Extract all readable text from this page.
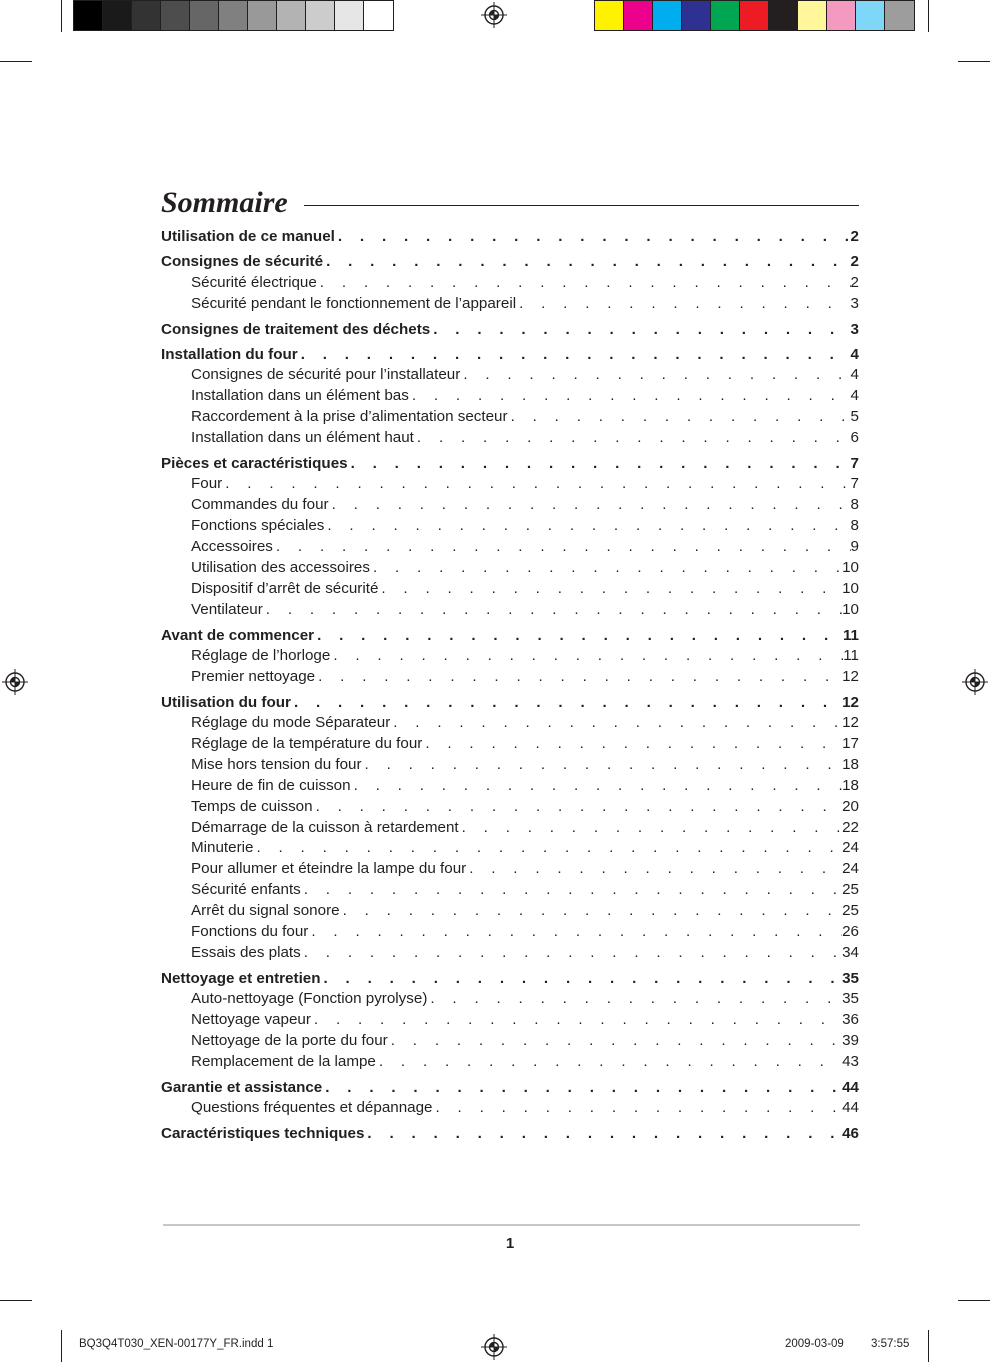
Sommaire
Utilisation de ce manuel . . .	2
Consignes de sécurité . . .	2
Sécurité électrique . . .	2
Sécurité pendant le fonctionnement de l’appareil . . .	3
Consignes de traitement des déchets . . .	3
Installation du four . . .	4
Consignes de sécurité pour l’installateur . . .	4
Installation dans un élément bas . . .	4
Raccordement à la prise d’alimentation secteur . . .	5
Installation dans un élément haut . . .	6
Pièces et caractéristiques . . .	7
Four . . .	7
Commandes du four . . .	8
Fonctions spéciales . . .	8
Accessoires . . .	9
Utilisation des accessoires . . .	10
Dispositif d’arrêt de sécurité . . .	10
Ventilateur . . .	10
Avant de commencer . . .	11
Réglage de l’horloge . . .	11
Premier nettoyage . . .	12
Utilisation du four . . .	12
Réglage du mode Séparateur . . .	12
Réglage de la température du four . . .	17
Mise hors tension du four . . .	18
Heure de fin de cuisson . . .	18
Temps de cuisson . . .	20
Démarrage de la cuisson à retardement . . .	22
Minuterie . . .	24
Pour allumer et éteindre la lampe du four . . .	24
Sécurité enfants . . .	25
Arrêt du signal sonore . . .	25
Fonctions du four . . .	26
Essais des plats . . .	34
Nettoyage et entretien . . .	35
Auto-nettoyage (Fonction pyrolyse) . . .	35
Nettoyage vapeur . . .	36
Nettoyage de la porte du four . . .	39
Remplacement de la lampe . . .	43
Garantie et assistance . . .	44
Questions fréquentes et dépannage . . .	44
Caractéristiques techniques . . .	46
1
BQ3Q4T030_XEN-00177Y_FR.indd 1	2009-03-09 3:57:55
